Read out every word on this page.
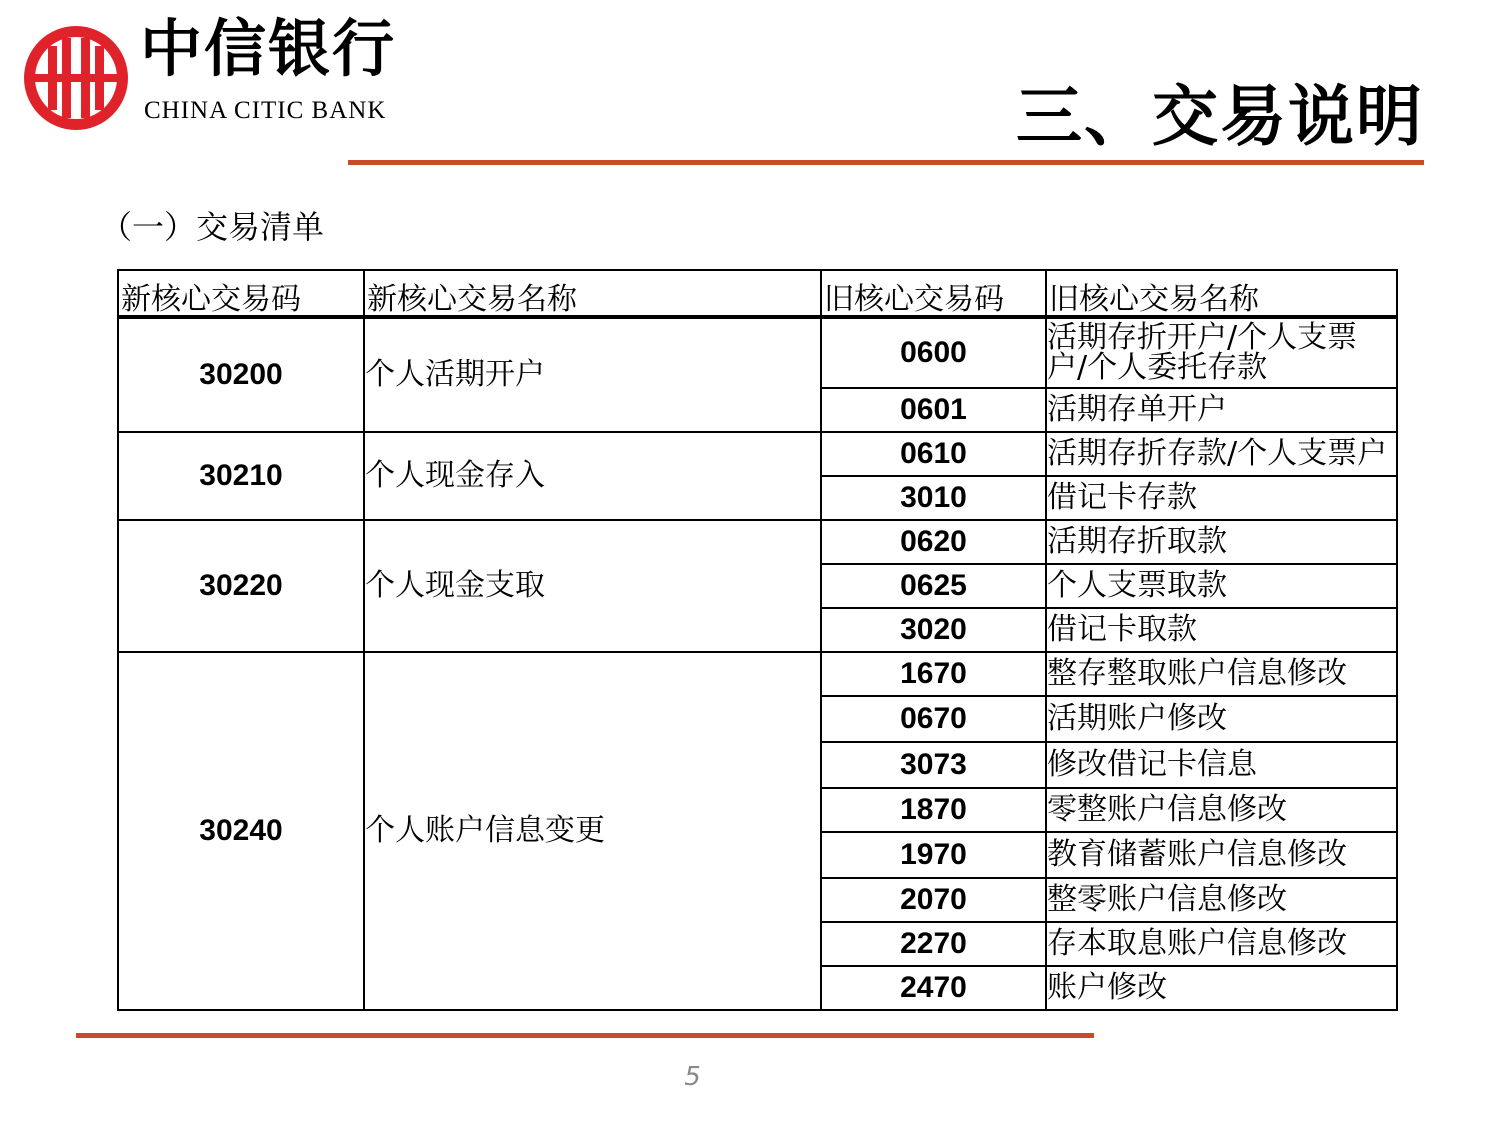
中信银行
CHINA CITIC BANK	三、交易说明
（一）交易清单
新核心交易码	新核心交易名称	旧核心交易码	旧核心交易名称
30200	个人活期开户	0600	活期存折开户/个人支票户/个人委托存款
		0601	活期存单开户
30210	个人现金存入	0610	活期存折存款/个人支票户
		3010	借记卡存款
30220	个人现金支取	0620	活期存折取款
		0625	个人支票取款
		3020	借记卡取款
30240	个人账户信息变更	1670	整存整取账户信息修改
		0670	活期账户修改
		3073	修改借记卡信息
		1870	零整账户信息修改
		1970	教育储蓄账户信息修改
		2070	整零账户信息修改
		2270	存本取息账户信息修改
		2470	账户修改
5
